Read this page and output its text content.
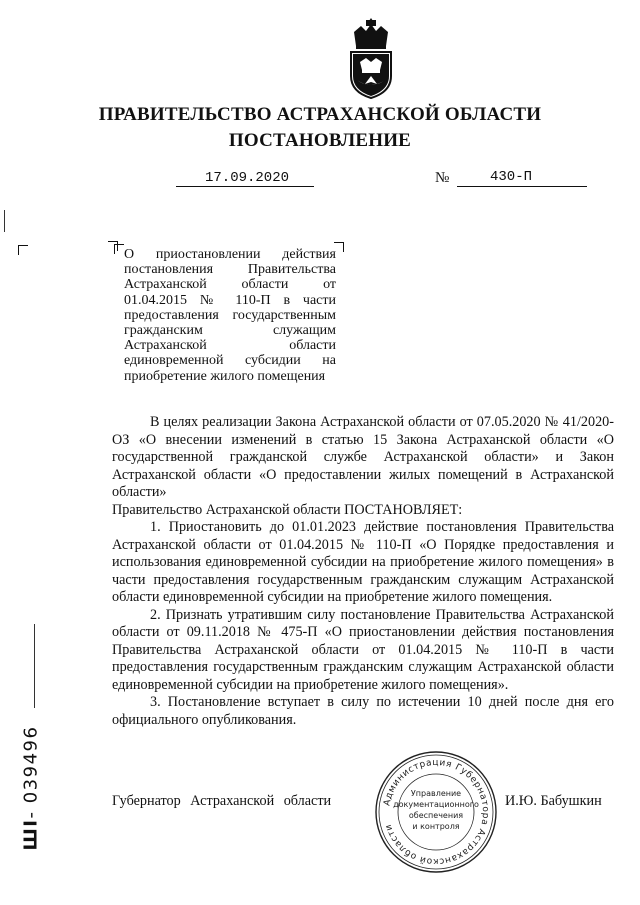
ПРАВИТЕЛЬСТВО АСТРАХАНСКОЙ ОБЛАСТИ
ПОСТАНОВЛЕНИЕ
17.09.2020	№	430-П
О приостановлении действия постановления Правительства Астраханской области от 01.04.2015 № 110-П в части предоставления государственным гражданским служащим Астраханской области единовременной субсидии на приобретение жилого помещения

В целях реализации Закона Астраханской области от 07.05.2020 № 41/2020-ОЗ «О внесении изменений в статью 15 Закона Астраханской области «О государственной гражданской службе Астраханской области» и Закон Астраханской области «О предоставлении жилых помещений в Астраханской области»

Правительство Астраханской области ПОСТАНОВЛЯЕТ:

1. Приостановить до 01.01.2023 действие постановления Правительства Астраханской области от 01.04.2015 № 110-П «О Порядке предоставления и использования единовременной субсидии на приобретение жилого помещения» в части предоставления государственным гражданским служащим Астраханской области единовременной субсидии на приобретение жилого помещения.

2. Признать утратившим силу постановление Правительства Астраханской области от 09.11.2018 № 475-П «О приостановлении действия постановления Правительства Астраханской области от 01.04.2015 № 110-П в части предоставления государственным гражданским служащим Астраханской области единовременной субсидии на приобретение жилого помещения».

3. Постановление вступает в силу по истечении 10 дней после дня его официального опубликования.

Губернатор Астраханской области	И.Ю. Бабушкин
Администрация Губернатора Астраханской области
Управление
документационного
обеспечения
и контроля
ШI- 039496
